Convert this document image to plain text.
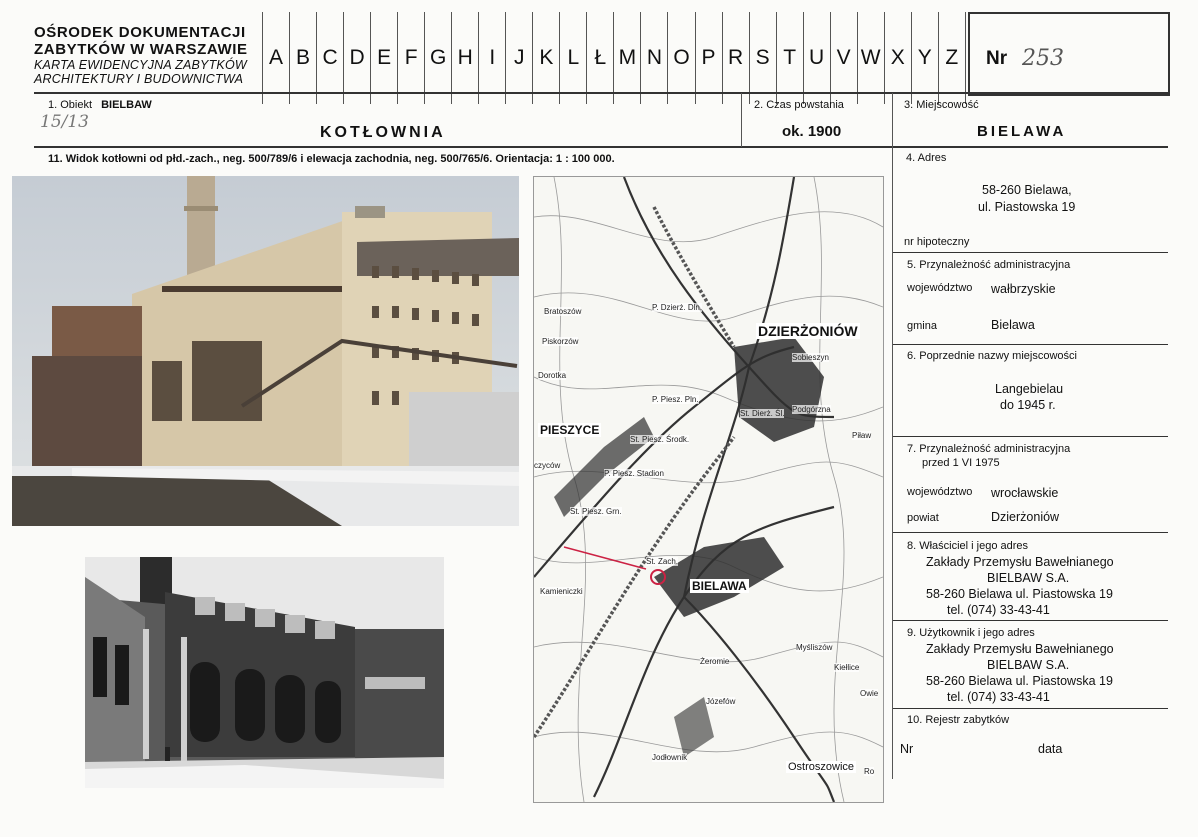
OŚRODEK DOKUMENTACJI
ZABYTKÓW W WARSZAWIE
KARTA EWIDENCYJNA ZABYTKÓW
ARCHITEKTURY I BUDOWNICTWA
A B C D E F G H I J K L Ł M N O P R S T U V W X Y Z	Nr 253
1. Obiekt BIELBAW
15/13
KOTŁOWNIA
2. Czas powstania
ok. 1900
3. Miejscowość
BIELAWA
11. Widok kotłowni od płd.-zach., neg. 500/789/6 i elewacja zachodnia, neg. 500/765/6. Orientacja: 1 : 100 000.
DZIERŻONIÓW
BIELAWA
PIESZYCE
Ostroszowice
Bratoszów
Piskorzów
Dorotka
P. Dzierż. Dln.
P. Piesz. Pln.
St. Piesz. Środk.
P. Piesz. Stadion
St. Piesz. Grn.
Kamieniczki
Sobieszyn
Podgórzna
Piław
Myśliszów
Kiełlice
Żeromie
Józefów
Jodłownik
Owie
Ro
czyców
St. Dierż. Śl.
St. Zach.
4. Adres
58-260 Bielawa,
ul. Piastowska 19
nr hipoteczny
5. Przynależność administracyjna
województwo wałbrzyskie
gmina	Bielawa
6. Poprzednie nazwy miejscowości
Langebielau
do 1945 r.
7. Przynależność administracyjna
przed 1 VI 1975
województwo wrocławskie
powiat	Dzierżoniów
8. Właściciel i jego adres
Zakłady Przemysłu Bawełnianego
BIELBAW S.A.
58-260 Bielawa ul. Piastowska 19
tel. (074) 33-43-41
9. Użytkownik i jego adres
Zakłady Przemysłu Bawełnianego
BIELBAW S.A.
58-260 Bielawa ul. Piastowska 19
tel. (074) 33-43-41
10. Rejestr zabytków
Nr	data
